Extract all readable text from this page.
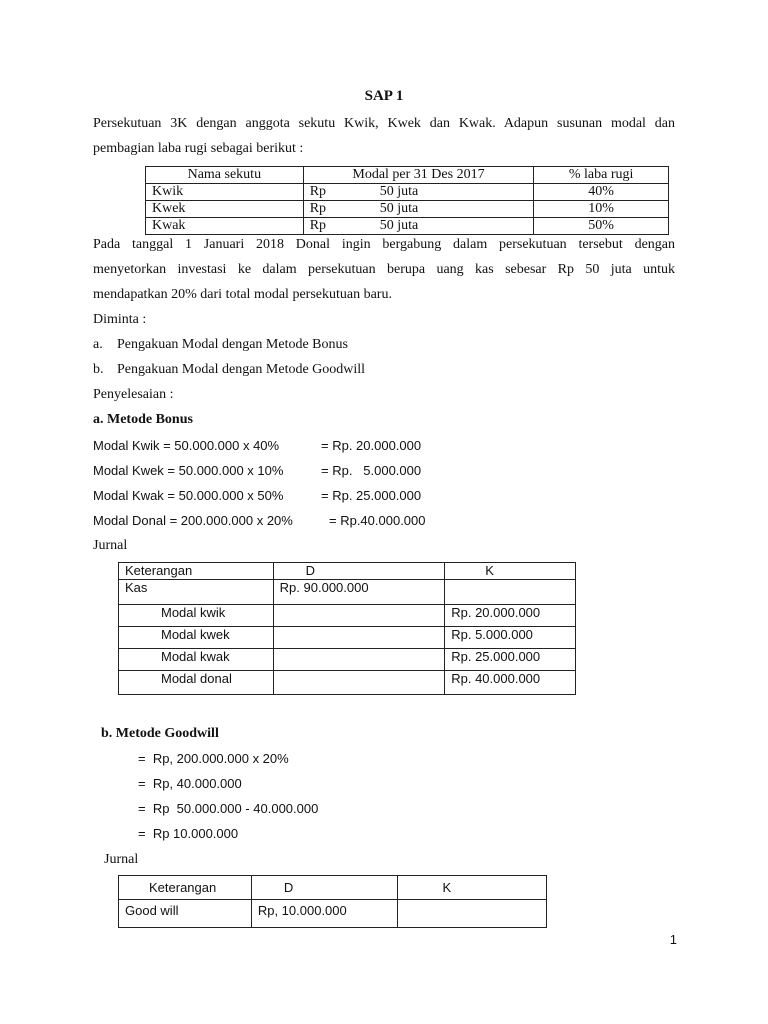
SAP 1
Persekutuan 3K dengan anggota sekutu Kwik, Kwek dan Kwak. Adapun susunan modal dan
pembagian laba rugi sebagai berikut :
Nama sekutu	Modal per 31 Des 2017	% laba rugi
Kwik	Rp 50 juta	40%
Kwek	Rp 50 juta	10%
Kwak	Rp 50 juta	50%
Pada tanggal 1 Januari 2018 Donal ingin bergabung dalam persekutuan tersebut dengan
menyetorkan investasi ke dalam persekutuan berupa uang kas sebesar Rp 50 juta untuk
mendapatkan 20% dari total modal persekutuan baru.
Diminta :
a. Pengakuan Modal dengan Metode Bonus
b. Pengakuan Modal dengan Metode Goodwill
Penyelesaian :
a. Metode Bonus
Modal Kwik = 50.000.000 x 40%	= Rp. 20.000.000
Modal Kwek = 50.000.000 x 10%	= Rp.   5.000.000
Modal Kwak = 50.000.000 x 50%	= Rp. 25.000.000
Modal Donal = 200.000.000 x 20%	= Rp.40.000.000
Jurnal
Keterangan	D	K
Kas	Rp. 90.000.000	
Modal kwik		Rp. 20.000.000
Modal kwek		Rp. 5.000.000
Modal kwak		Rp. 25.000.000
Modal donal		Rp. 40.000.000
b. Metode Goodwill
=  Rp, 200.000.000 x 20%
=  Rp, 40.000.000
=  Rp  50.000.000 - 40.000.000
=  Rp 10.000.000
Jurnal
Keterangan	D	K
Good will	Rp, 10.000.000	
1
